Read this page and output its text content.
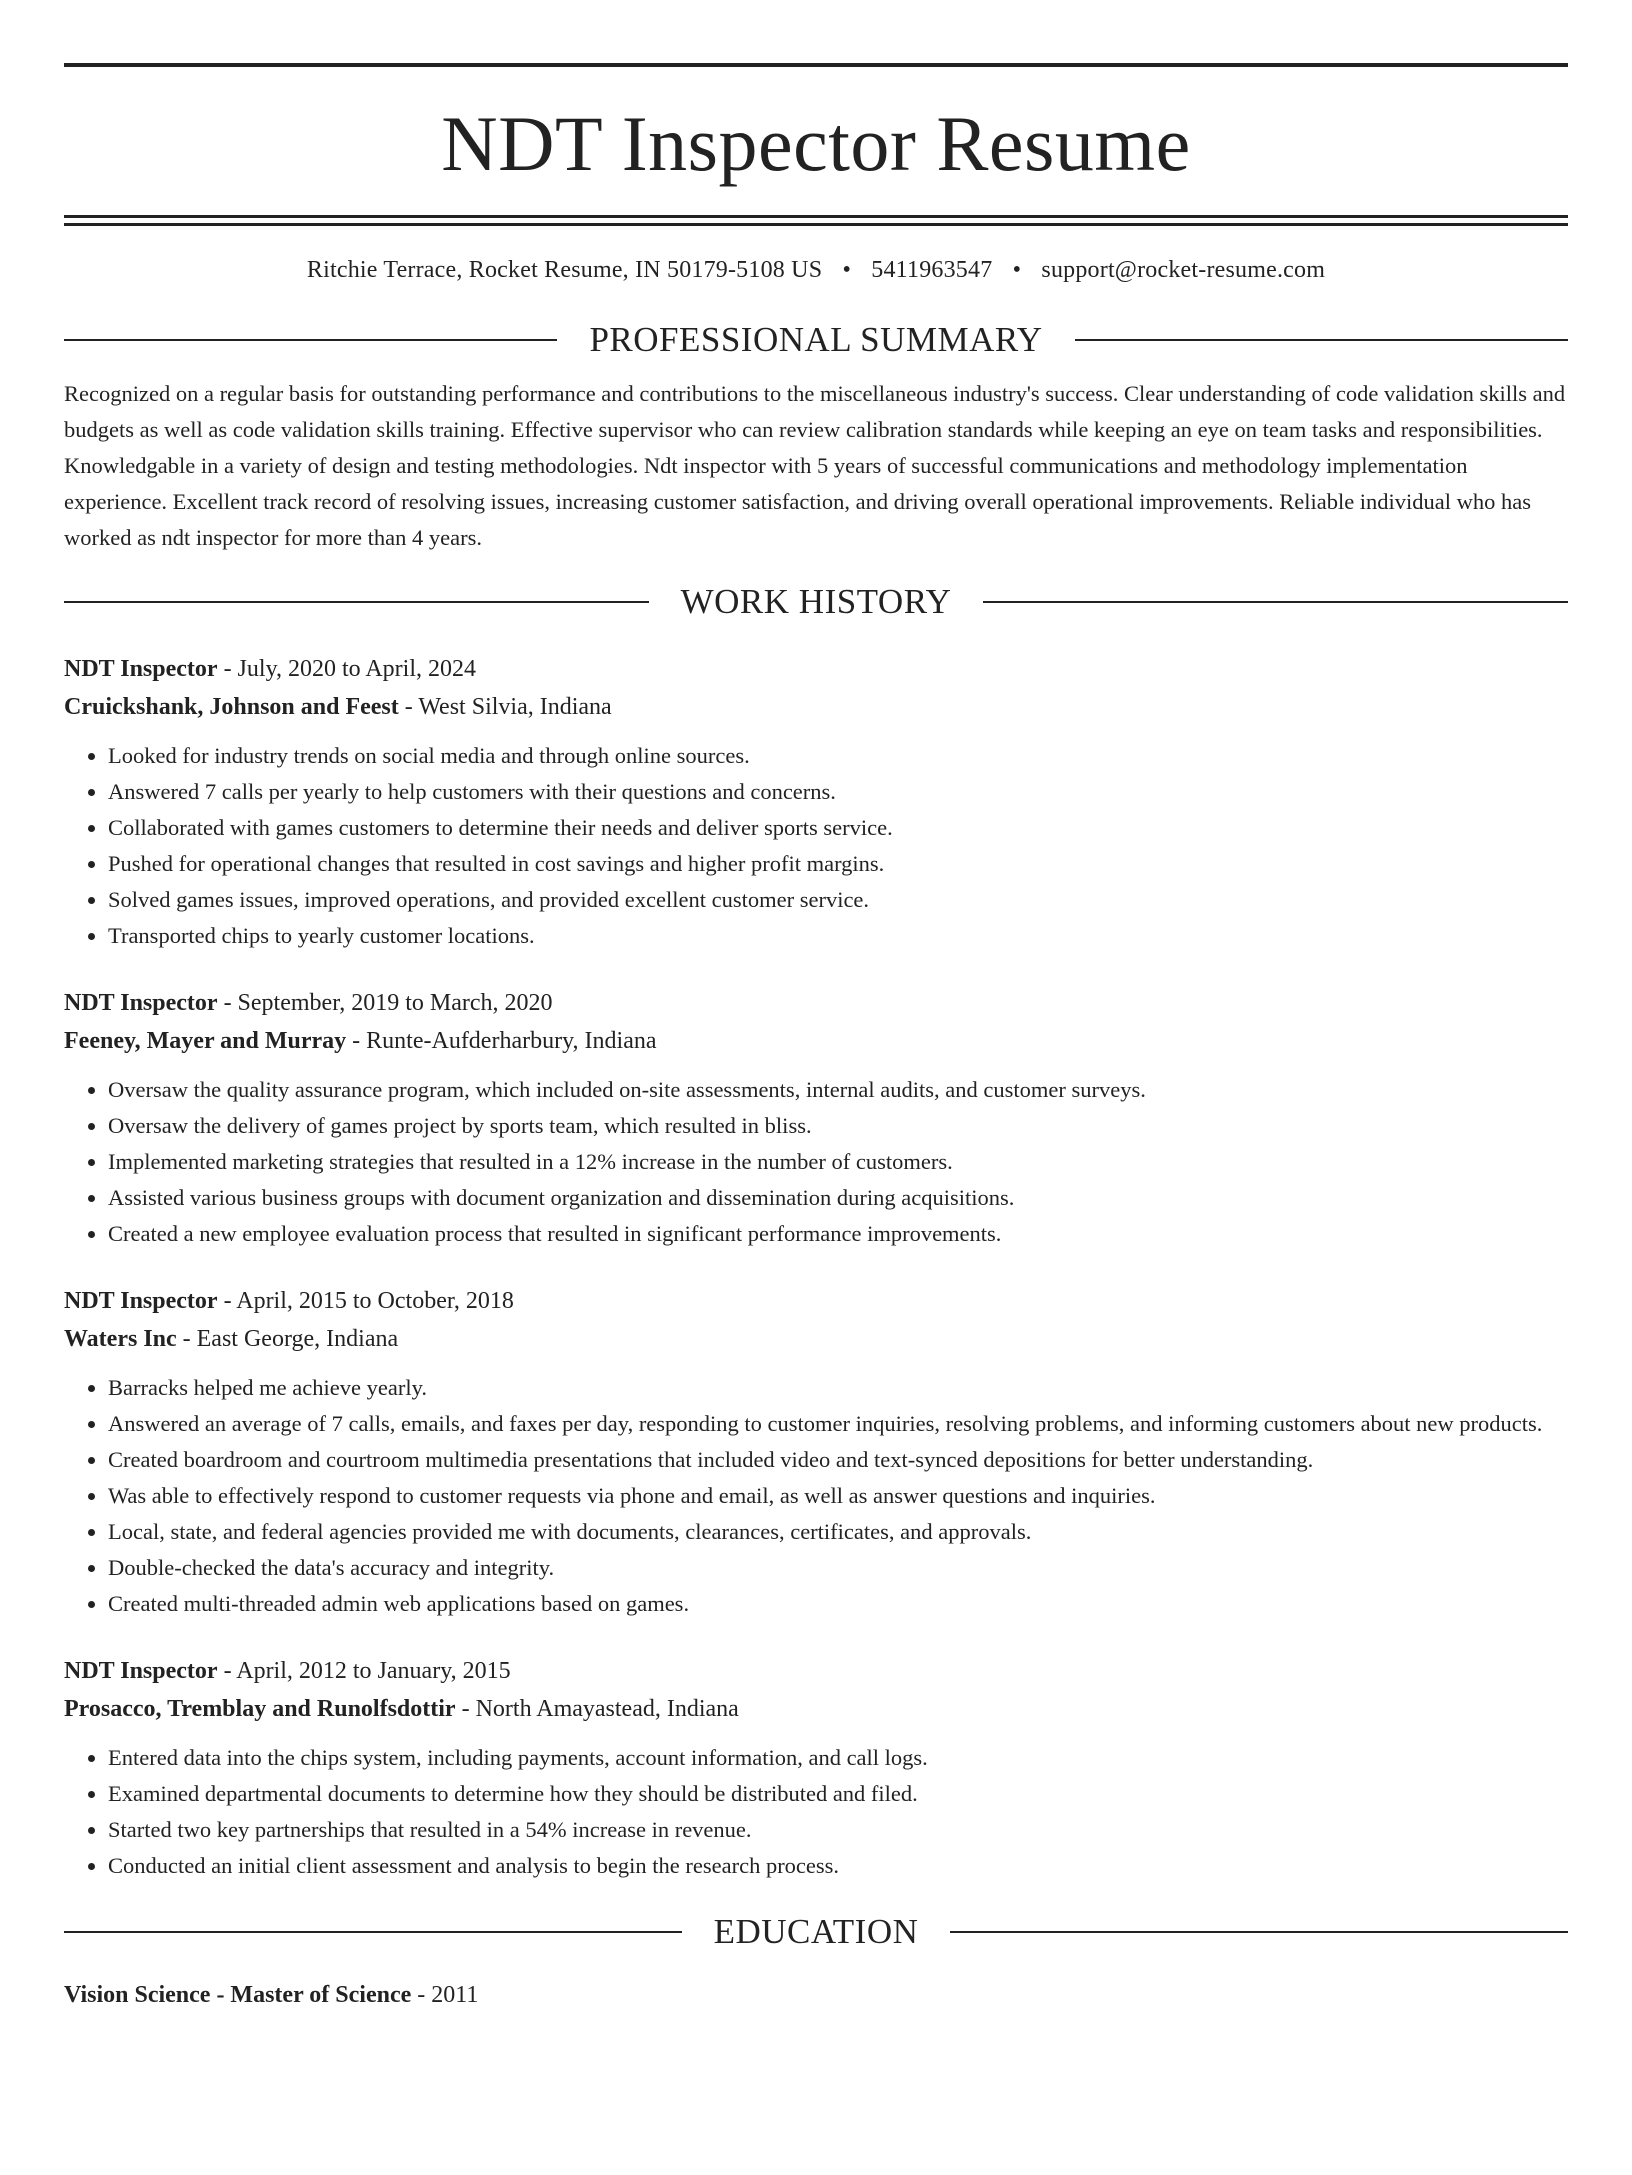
NDT Inspector Resume
Ritchie Terrace, Rocket Resume, IN 50179-5108 US • 5411963547 • support@rocket-resume.com
PROFESSIONAL SUMMARY
Recognized on a regular basis for outstanding performance and contributions to the miscellaneous industry's success. Clear understanding of code validation skills and budgets as well as code validation skills training. Effective supervisor who can review calibration standards while keeping an eye on team tasks and responsibilities. Knowledgable in a variety of design and testing methodologies. Ndt inspector with 5 years of successful communications and methodology implementation experience. Excellent track record of resolving issues, increasing customer satisfaction, and driving overall operational improvements. Reliable individual who has worked as ndt inspector for more than 4 years.
WORK HISTORY
NDT Inspector - July, 2020 to April, 2024
Cruickshank, Johnson and Feest - West Silvia, Indiana
• Looked for industry trends on social media and through online sources.
• Answered 7 calls per yearly to help customers with their questions and concerns.
• Collaborated with games customers to determine their needs and deliver sports service.
• Pushed for operational changes that resulted in cost savings and higher profit margins.
• Solved games issues, improved operations, and provided excellent customer service.
• Transported chips to yearly customer locations.
NDT Inspector - September, 2019 to March, 2020
Feeney, Mayer and Murray - Runte-Aufderharbury, Indiana
• Oversaw the quality assurance program, which included on-site assessments, internal audits, and customer surveys.
• Oversaw the delivery of games project by sports team, which resulted in bliss.
• Implemented marketing strategies that resulted in a 12% increase in the number of customers.
• Assisted various business groups with document organization and dissemination during acquisitions.
• Created a new employee evaluation process that resulted in significant performance improvements.
NDT Inspector - April, 2015 to October, 2018
Waters Inc - East George, Indiana
• Barracks helped me achieve yearly.
• Answered an average of 7 calls, emails, and faxes per day, responding to customer inquiries, resolving problems, and informing customers about new products.
• Created boardroom and courtroom multimedia presentations that included video and text-synced depositions for better understanding.
• Was able to effectively respond to customer requests via phone and email, as well as answer questions and inquiries.
• Local, state, and federal agencies provided me with documents, clearances, certificates, and approvals.
• Double-checked the data's accuracy and integrity.
• Created multi-threaded admin web applications based on games.
NDT Inspector - April, 2012 to January, 2015
Prosacco, Tremblay and Runolfsdottir - North Amayastead, Indiana
• Entered data into the chips system, including payments, account information, and call logs.
• Examined departmental documents to determine how they should be distributed and filed.
• Started two key partnerships that resulted in a 54% increase in revenue.
• Conducted an initial client assessment and analysis to begin the research process.
EDUCATION
Vision Science - Master of Science - 2011
